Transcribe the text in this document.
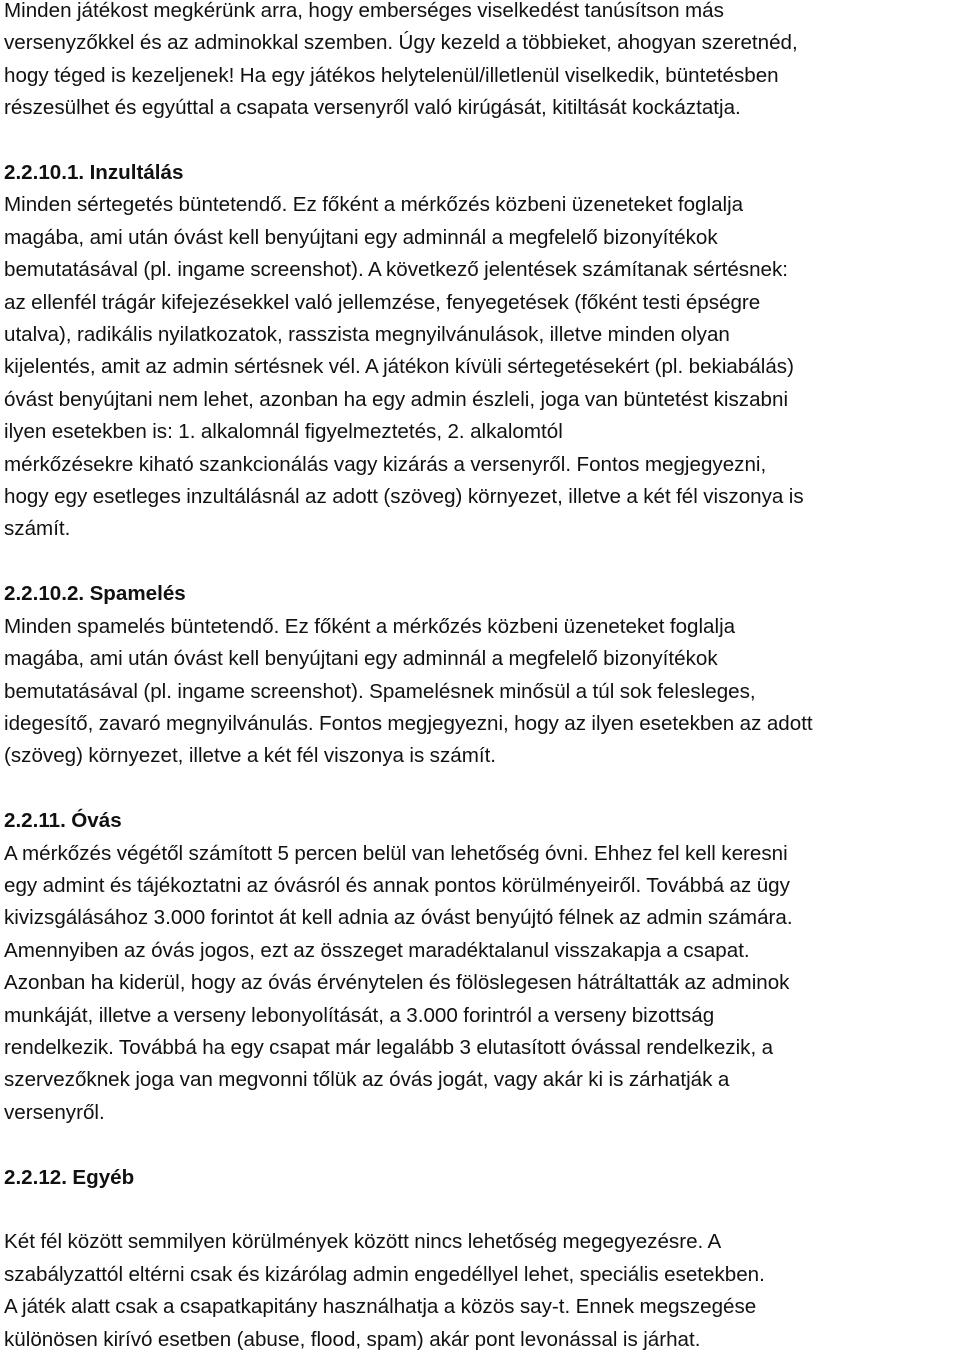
Minden játékost megkérünk arra, hogy emberséges viselkedést tanúsítson más

versenyzőkkel és az adminokkal szemben. Úgy kezeld a többieket, ahogyan szeretnéd,

hogy téged is kezeljenek! Ha egy játékos helytelenül/illetlenül viselkedik, büntetésben

részesülhet és egyúttal a csapata versenyről való kirúgását, kitiltását kockáztatja.

2.2.10.1. Inzultálás

Minden sértegetés büntetendő. Ez főként a mérkőzés közbeni üzeneteket foglalja

magába, ami után óvást kell benyújtani egy adminnál a megfelelő bizonyítékok

bemutatásával (pl. ingame screenshot). A következő jelentések számítanak sértésnek:

az ellenfél trágár kifejezésekkel való jellemzése, fenyegetések (főként testi épségre

utalva), radikális nyilatkozatok, rasszista megnyilvánulások, illetve minden olyan

kijelentés, amit az admin sértésnek vél. A játékon kívüli sértegetésekért (pl. bekiabálás)

óvást benyújtani nem lehet, azonban ha egy admin észleli, joga van büntetést kiszabni

ilyen esetekben is: 1. alkalomnál figyelmeztetés, 2. alkalomtól

mérkőzésekre kiható szankcionálás vagy kizárás a versenyről. Fontos megjegyezni,

hogy egy esetleges inzultálásnál az adott (szöveg) környezet, illetve a két fél viszonya is

számít.

2.2.10.2. Spamelés

Minden spamelés büntetendő. Ez főként a mérkőzés közbeni üzeneteket foglalja

magába, ami után óvást kell benyújtani egy adminnál a megfelelő bizonyítékok

bemutatásával (pl. ingame screenshot). Spamelésnek minősül a túl sok felesleges,

idegesítő, zavaró megnyilvánulás. Fontos megjegyezni, hogy az ilyen esetekben az adott

(szöveg) környezet, illetve a két fél viszonya is számít.

2.2.11. Óvás

A mérkőzés végétől számított 5 percen belül van lehetőség óvni. Ehhez fel kell keresni

egy admint és tájékoztatni az óvásról és annak pontos körülményeiről. Továbbá az ügy

kivizsgálásához 3.000 forintot át kell adnia az óvást benyújtó félnek az admin számára.

Amennyiben az óvás jogos, ezt az összeget maradéktalanul visszakapja a csapat.

Azonban ha kiderül, hogy az óvás érvénytelen és fölöslegesen hátráltatták az adminok

munkáját, illetve a verseny lebonyolítását, a 3.000 forintról a verseny bizottság

rendelkezik. Továbbá ha egy csapat már legalább 3 elutasított óvással rendelkezik, a

szervezőknek joga van megvonni tőlük az óvás jogát, vagy akár ki is zárhatják a

versenyről.

2.2.12. Egyéb

Két fél között semmilyen körülmények között nincs lehetőség megegyezésre. A

szabályzattól eltérni csak és kizárólag admin engedéllyel lehet, speciális esetekben.

A játék alatt csak a csapatkapitány használhatja a közös say-t. Ennek megszegése

különösen kirívó esetben (abuse, flood, spam) akár pont levonással is járhat.
